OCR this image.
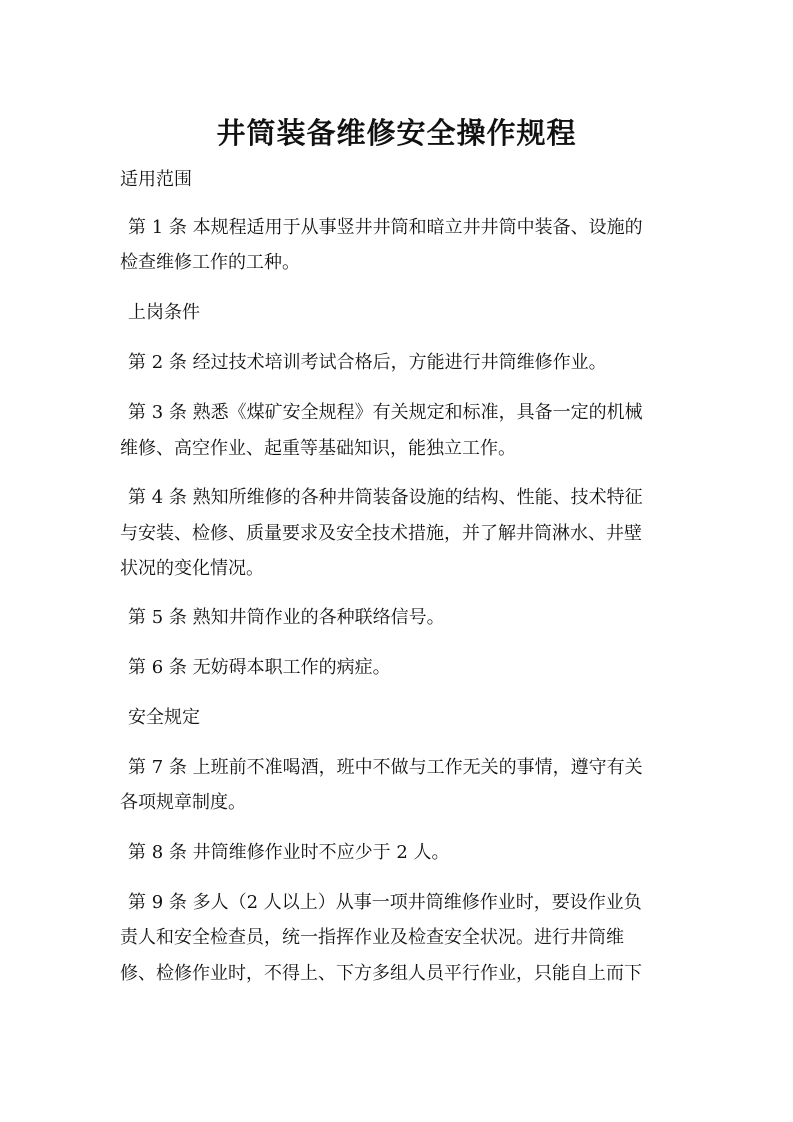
井筒装备维修安全操作规程

适用范围

第 1 条 本规程适用于从事竖井井筒和暗立井井筒中装备、设施的

检查维修工作的工种。

上岗条件

第 2 条 经过技术培训考试合格后，方能进行井筒维修作业。

第 3 条 熟悉《煤矿安全规程》有关规定和标准，具备一定的机械

维修、高空作业、起重等基础知识，能独立工作。

第 4 条 熟知所维修的各种井筒装备设施的结构、性能、技术特征

与安装、检修、质量要求及安全技术措施，并了解井筒淋水、井壁

状况的变化情况。

第 5 条 熟知井筒作业的各种联络信号。

第 6 条 无妨碍本职工作的病症。

安全规定

第 7 条 上班前不准喝酒，班中不做与工作无关的事情，遵守有关

各项规章制度。

第 8 条 井筒维修作业时不应少于 2 人。

第 9 条 多人（2 人以上）从事一项井筒维修作业时，要设作业负

责人和安全检查员，统一指挥作业及检查安全状况。进行井筒维

修、检修作业时，不得上、下方多组人员平行作业，只能自上而下
